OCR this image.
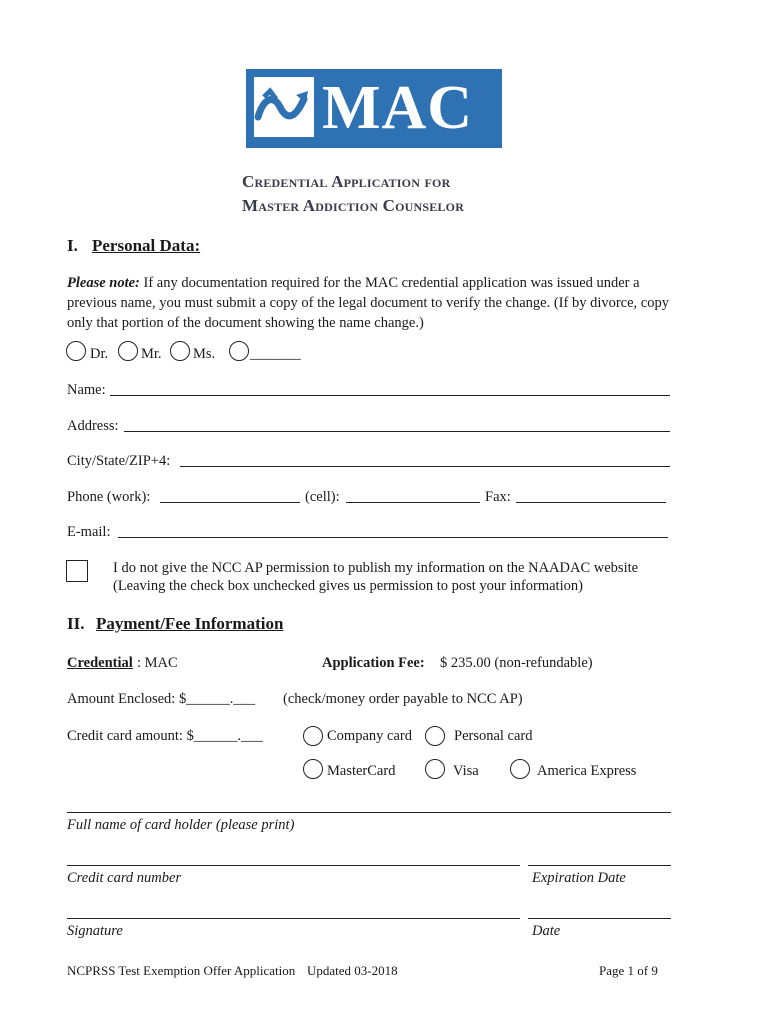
MAC
Credential Application for
Master Addiction Counselor
I. Personal Data:
Please note: If any documentation required for the MAC credential application was issued under a previous name, you must submit a copy of the legal document to verify the change. (If by divorce, copy only that portion of the document showing the name change.)
Dr. Mr. Ms. _______
Name:
Address:
City/State/ZIP+4:
Phone (work):	(cell):	Fax:
E-mail:
I do not give the NCC AP permission to publish my information on the NAADAC website
(Leaving the check box unchecked gives us permission to post your information)
II. Payment/Fee Information
Credential : MAC	Application Fee: $ 235.00 (non-refundable)
Amount Enclosed: $______.___ (check/money order payable to NCC AP)
Credit card amount: $______.___	Company card	Personal card
MasterCard	Visa	America Express
Full name of card holder (please print)
Credit card number	Expiration Date
Signature	Date
NCPRSS Test Exemption Offer Application Updated 03-2018	Page 1 of 9
